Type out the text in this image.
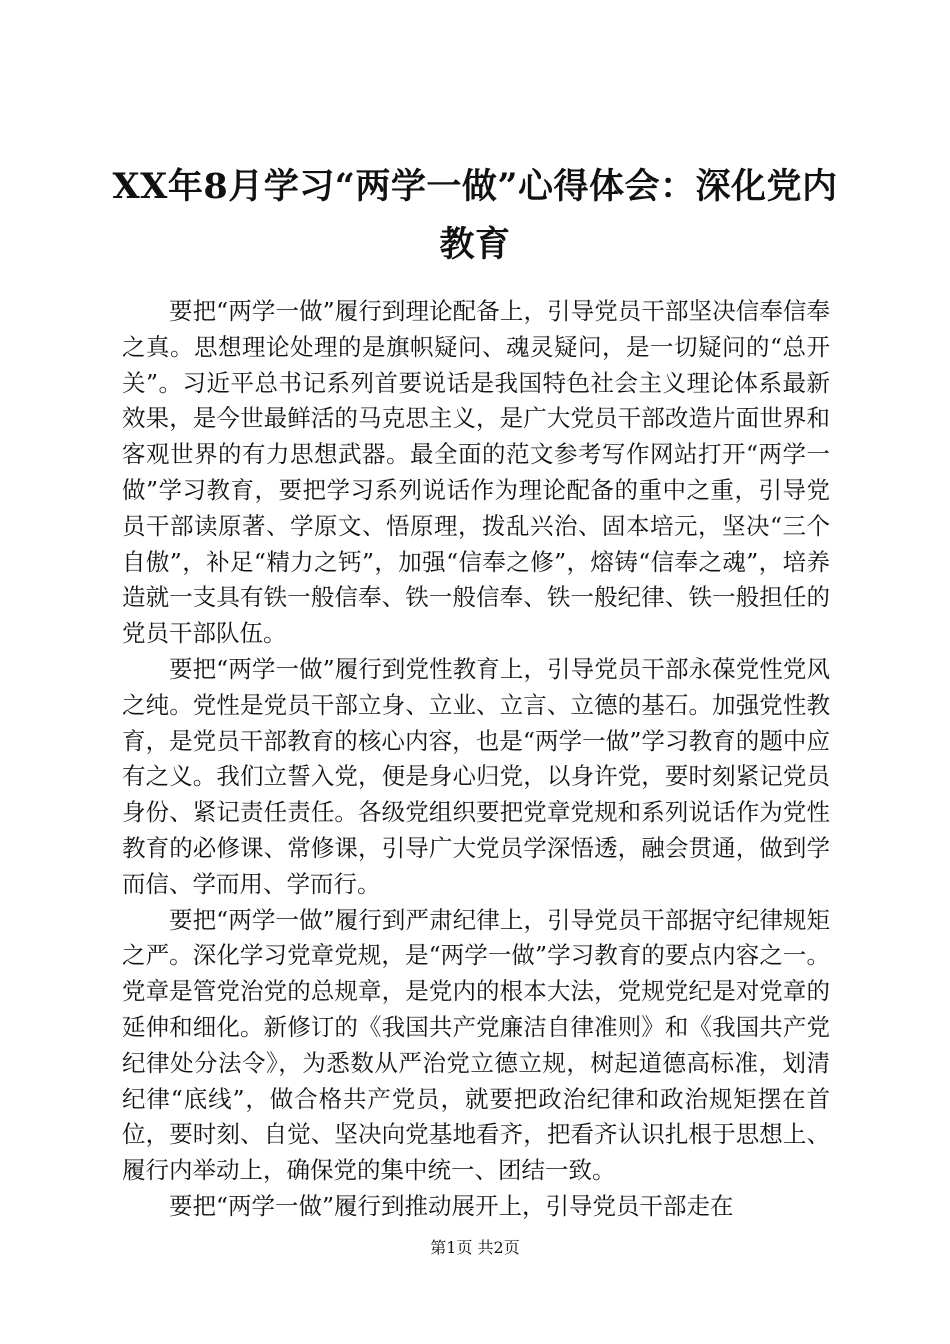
XX年8月学习“两学一做”心得体会：深化党内教育

要把“两学一做”履行到理论配备上，引导党员干部坚决信奉信奉之真。思想理论处理的是旗帜疑问、魂灵疑问，是一切疑问的“总开关”。习近平总书记系列首要说话是我国特色社会主义理论体系最新效果，是今世最鲜活的马克思主义，是广大党员干部改造片面世界和客观世界的有力思想武器。最全面的范文参考写作网站打开“两学一做”学习教育，要把学习系列说话作为理论配备的重中之重，引导党员干部读原著、学原文、悟原理，拨乱兴治、固本培元，坚决“三个自傲”，补足“精力之钙”，加强“信奉之修”，熔铸“信奉之魂”，培养造就一支具有铁一般信奉、铁一般信奉、铁一般纪律、铁一般担任的党员干部队伍。

要把“两学一做”履行到党性教育上，引导党员干部永葆党性党风之纯。党性是党员干部立身、立业、立言、立德的基石。加强党性教育，是党员干部教育的核心内容，也是“两学一做”学习教育的题中应有之义。我们立誓入党，便是身心归党，以身许党，要时刻紧记党员身份、紧记责任责任。各级党组织要把党章党规和系列说话作为党性教育的必修课、常修课，引导广大党员学深悟透，融会贯通，做到学而信、学而用、学而行。

要把“两学一做”履行到严肃纪律上，引导党员干部据守纪律规矩之严。深化学习党章党规，是“两学一做”学习教育的要点内容之一。党章是管党治党的总规章，是党内的根本大法，党规党纪是对党章的延伸和细化。新修订的《我国共产党廉洁自律准则》和《我国共产党纪律处分法令》，为悉数从严治党立德立规，树起道德高标准，划清纪律“底线”，做合格共产党员，就要把政治纪律和政治规矩摆在首位，要时刻、自觉、坚决向党基地看齐，把看齐认识扎根于思想上、履行内举动上，确保党的集中统一、团结一致。

要把“两学一做”履行到推动展开上，引导党员干部走在

第1页 共2页
